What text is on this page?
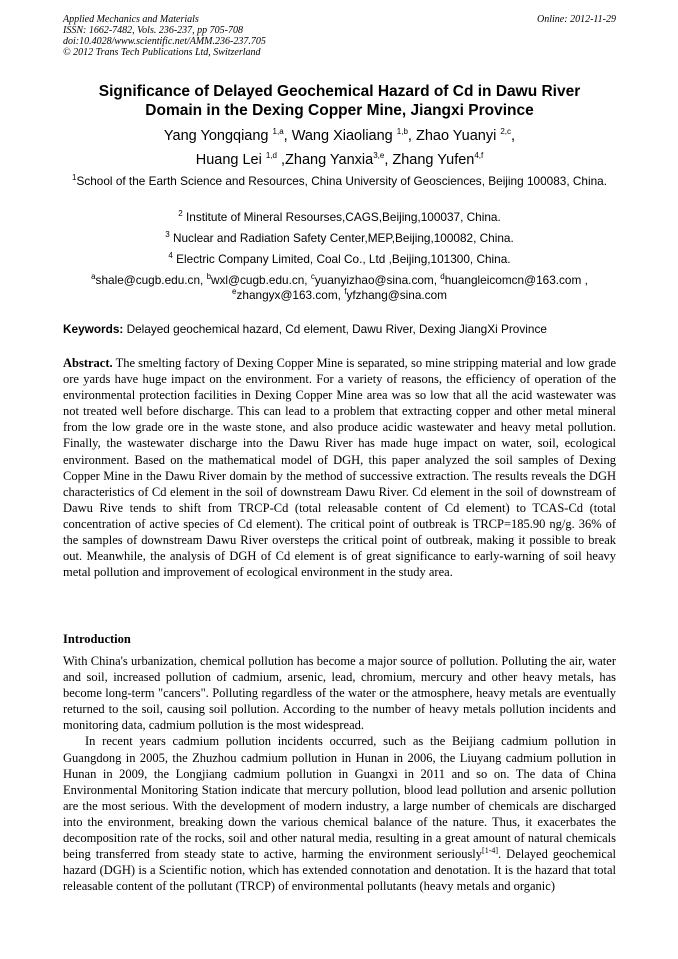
Applied Mechanics and Materials
ISSN: 1662-7482, Vols. 236-237, pp 705-708
doi:10.4028/www.scientific.net/AMM.236-237.705
© 2012 Trans Tech Publications Ltd, Switzerland
Online: 2012-11-29
Significance of Delayed Geochemical Hazard of Cd in Dawu River
Domain in the Dexing Copper Mine, Jiangxi Province
Yang Yongqiang $^{1,a}$, Wang Xiaoliang $^{1,b}$, Zhao Yuanyi $^{2,c}$,
Huang Lei $^{1,d}$ ,Zhang Yanxia$^{3,e}$, Zhang Yufen$^{4,f}$
$^1$School of the Earth Science and Resources, China University of Geosciences, Beijing 100083, China.
$^2$ Institute of Mineral Resourses,CAGS,Beijing,100037, China.
$^3$ Nuclear and Radiation Safety Center,MEP,Beijing,100082, China.
$^4$ Electric Company Limited, Coal Co., Ltd ,Beijing,101300, China.
$^a$shale@cugb.edu.cn, $^b$wxl@cugb.edu.cn, $^c$yuanyizhao@sina.com, $^d$huangleicomcn@163.com ,
$^e$zhangyx@163.com, $^f$yfzhang@sina.com
Keywords: Delayed geochemical hazard, Cd element, Dawu River, Dexing JiangXi Province
Abstract. The smelting factory of Dexing Copper Mine is separated, so mine stripping material and low grade ore yards have huge impact on the environment. For a variety of reasons, the efficiency of operation of the environmental protection facilities in Dexing Copper Mine area was so low that all the acid wastewater was not treated well before discharge. This can lead to a problem that extracting copper and other metal mineral from the low grade ore in the waste stone, and also produce acidic wastewater and heavy metal pollution. Finally, the wastewater discharge into the Dawu River has made huge impact on water, soil, ecological environment. Based on the mathematical model of DGH, this paper analyzed the soil samples of Dexing Copper Mine in the Dawu River domain by the method of successive extraction. The results reveals the DGH characteristics of Cd element in the soil of downstream Dawu River. Cd element in the soil of downstream of Dawu Rive tends to shift from TRCP-Cd (total releasable content of Cd element) to TCAS-Cd (total concentration of active species of Cd element). The critical point of outbreak is TRCP=185.90 ng/g. 36% of the samples of downstream Dawu River oversteps the critical point of outbreak, making it possible to break out. Meanwhile, the analysis of DGH of Cd element is of great significance to early-warning of soil heavy metal pollution and improvement of ecological environment in the study area.
Introduction
With China's urbanization, chemical pollution has become a major source of pollution. Polluting the air, water and soil, increased pollution of cadmium, arsenic, lead, chromium, mercury and other heavy metals, has become long-term "cancers". Polluting regardless of the water or the atmosphere, heavy metals are eventually returned to the soil, causing soil pollution. According to the number of heavy metals pollution incidents and monitoring data, cadmium pollution is the most widespread.
In recent years cadmium pollution incidents occurred, such as the Beijiang cadmium pollution in Guangdong in 2005, the Zhuzhou cadmium pollution in Hunan in 2006, the Liuyang cadmium pollution in Hunan in 2009, the Longjiang cadmium pollution in Guangxi in 2011 and so on. The data of China Environmental Monitoring Station indicate that mercury pollution, blood lead pollution and arsenic pollution are the most serious. With the development of modern industry, a large number of chemicals are discharged into the environment, breaking down the various chemical balance of the nature. Thus, it exacerbates the decomposition rate of the rocks, soil and other natural media, resulting in a great amount of natural chemicals being transferred from steady state to active, harming the environment seriously[1-4]. Delayed geochemical hazard (DGH) is a Scientific notion, which has extended connotation and denotation. It is the hazard that total releasable content of the pollutant (TRCP) of environmental pollutants (heavy metals and organic)
